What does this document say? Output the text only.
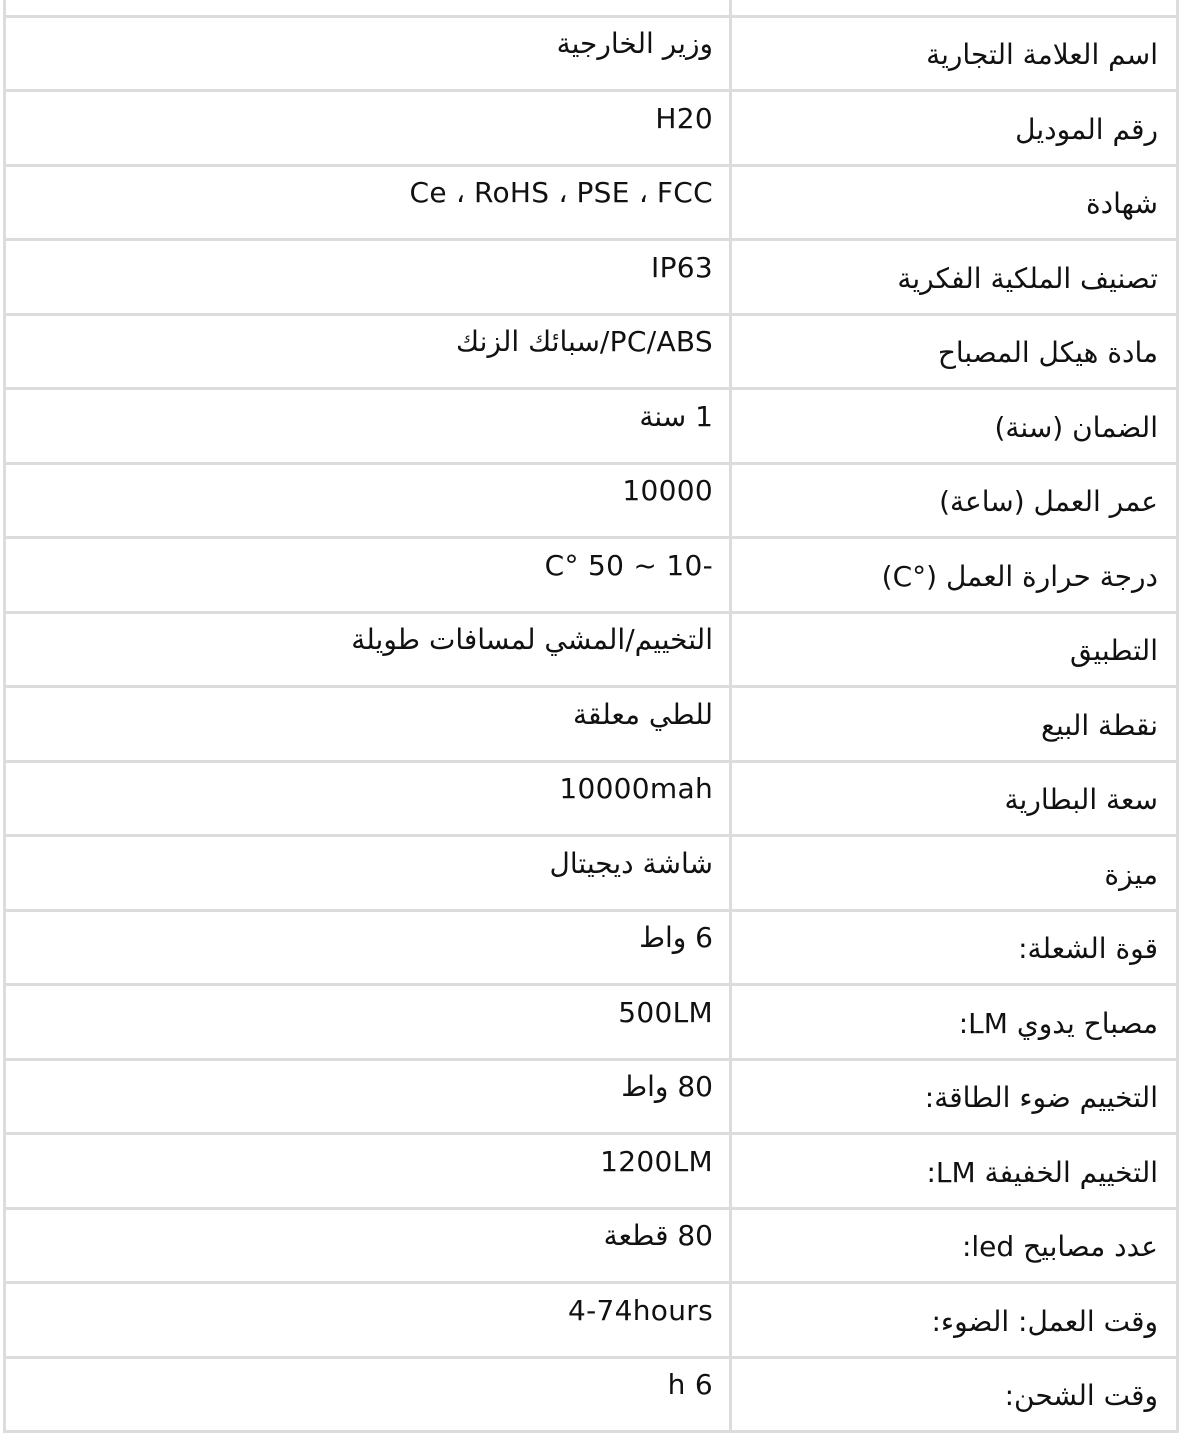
اسم العلامة التجارية	وزير الخارجية
رقم الموديل	H20
شهادة	Ce ، RoHS ، PSE ، FCC
تصنيف الملكية الفكرية	IP63
مادة هيكل المصباح	PC/ABS/سبائك الزنك
الضمان (سنة)	1 سنة
عمر العمل (ساعة)	10000
درجة حرارة العمل (°C)	-10 ~ 50 °C
التطبيق	التخييم/المشي لمسافات طويلة
نقطة البيع	للطي معلقة
سعة البطارية	10000mah
ميزة	شاشة ديجيتال
قوة الشعلة:	6 واط
مصباح يدوي LM:	500LM
التخييم ضوء الطاقة:	80 واط
التخييم الخفيفة LM:	1200LM
عدد مصابيح led:	80 قطعة
وقت العمل: الضوء:	4-74hours
وقت الشحن:	h 6
